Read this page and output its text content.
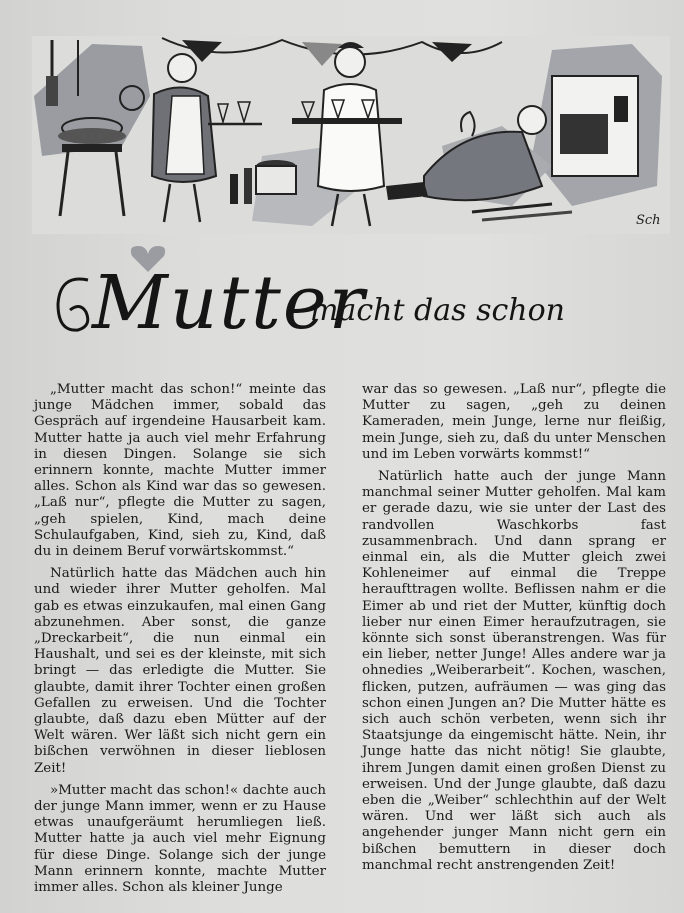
Sch
Mutter
macht das schon

„Mutter macht das schon!“ meinte das junge Mädchen immer, sobald das Gespräch auf irgendeine Hausarbeit kam. Mutter hatte ja auch viel mehr Erfahrung in diesen Dingen. Solange sie sich erinnern konnte, machte Mutter immer alles. Schon als Kind war das so gewesen. „Laß nur“, pflegte die Mutter zu sagen, „geh spielen, Kind, mach deine Schulaufgaben, Kind, sieh zu, Kind, daß du in deinem Beruf vorwärtskommst.“

Natürlich hatte das Mädchen auch hin und wieder ihrer Mutter geholfen. Mal gab es etwas einzukaufen, mal einen Gang abzunehmen. Aber sonst, die ganze „Dreckarbeit“, die nun einmal ein Haushalt, und sei es der kleinste, mit sich bringt — das erledigte die Mutter. Sie glaubte, damit ihrer Tochter einen großen Gefallen zu erweisen. Und die Tochter glaubte, daß dazu eben Mütter auf der Welt wären. Wer läßt sich nicht gern ein bißchen verwöhnen in dieser lieblosen Zeit!

»Mutter macht das schon!« dachte auch der junge Mann immer, wenn er zu Hause etwas unaufgeräumt herumliegen ließ. Mutter hatte ja auch viel mehr Eignung für diese Dinge. Solange sich der junge Mann erinnern konnte, machte Mutter immer alles. Schon als kleiner Junge

war das so gewesen. „Laß nur“, pflegte die Mutter zu sagen, „geh zu deinen Kameraden, mein Junge, lerne nur fleißig, mein Junge, sieh zu, daß du unter Menschen und im Leben vorwärts kommst!“

Natürlich hatte auch der junge Mann manchmal seiner Mutter geholfen. Mal kam er gerade dazu, wie sie unter der Last des randvollen Waschkorbs fast zusammenbrach. Und dann sprang er einmal ein, als die Mutter gleich zwei Kohleneimer auf einmal die Treppe heraufttragen wollte. Beflissen nahm er die Eimer ab und riet der Mutter, künftig doch lieber nur einen Eimer heraufzutragen, sie könnte sich sonst überanstrengen. Was für ein lieber, netter Junge! Alles andere war ja ohnedies „Weiberarbeit“. Kochen, waschen, flicken, putzen, aufräumen — was ging das schon einen Jungen an? Die Mutter hätte es sich auch schön verbeten, wenn sich ihr Staatsjunge da eingemischt hätte. Nein, ihr Junge hatte das nicht nötig! Sie glaubte, ihrem Jungen damit einen großen Dienst zu erweisen. Und der Junge glaubte, daß dazu eben die „Weiber“ schlechthin auf der Welt wären. Und wer läßt sich auch als angehender junger Mann nicht gern ein bißchen bemuttern in dieser doch manchmal recht anstrengenden Zeit!
